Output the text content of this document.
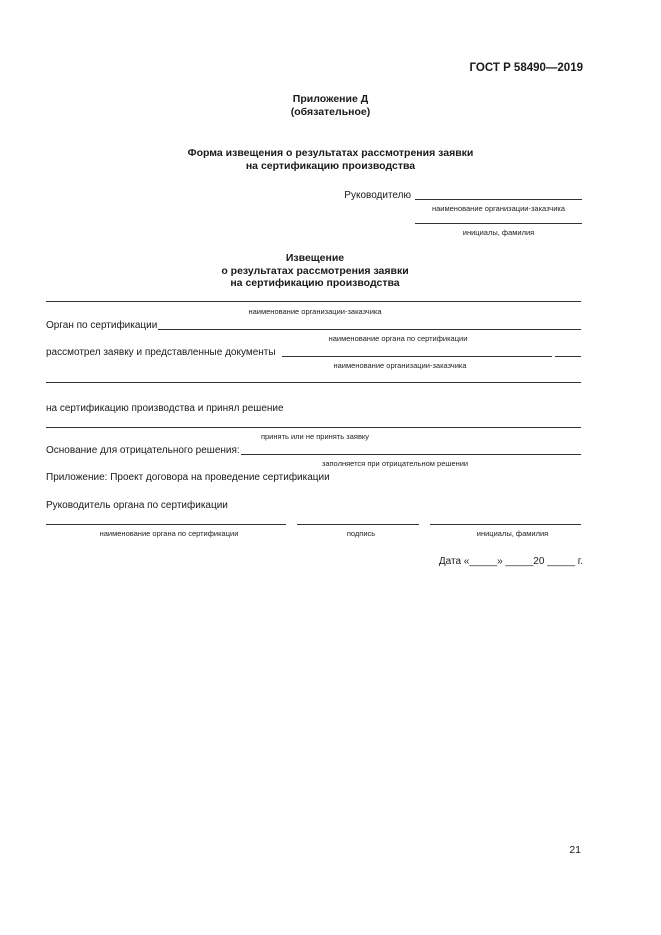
ГОСТ Р 58490—2019
Приложение Д
(обязательное)
Форма извещения о результатах рассмотрения заявки
на сертификацию производства
Руководителю
наименование организации-заказчика
инициалы, фамилия
Извещение
о результатах рассмотрения заявки
на сертификацию производства
наименование организации-заказчика
Орган по сертификации
наименование органа по сертификации
рассмотрел заявку и представленные документы
наименование организации-заказчика
на сертификацию производства и принял решение
принять или не принять заявку
Основание для отрицательного решения:
заполняется при отрицательном решении
Приложение: Проект договора на проведение сертификации
Руководитель органа по сертификации
наименование органа по сертификации	подпись	инициалы, фамилия
Дата «_____» _____20 _____ г.
21
